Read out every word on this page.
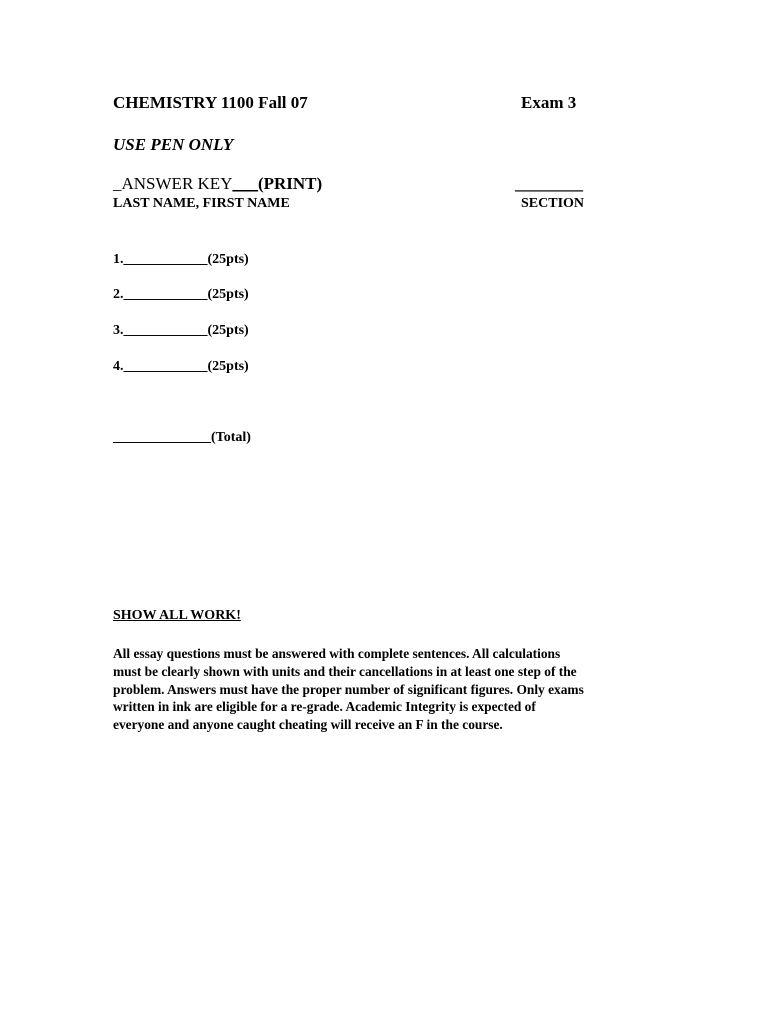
CHEMISTRY 1100 Fall 07	Exam 3
USE PEN ONLY
_ANSWER KEY___(PRINT)	________
LAST NAME, FIRST NAME	SECTION
1.____________(25pts)
2.____________(25pts)
3.____________(25pts)
4.____________(25pts)
______________(Total)
SHOW ALL WORK!

All essay questions must be answered with complete sentences. All calculations
must be clearly shown with units and their cancellations in at least one step of the
problem. Answers must have the proper number of significant figures. Only exams
written in ink are eligible for a re-grade. Academic Integrity is expected of
everyone and anyone caught cheating will receive an F in the course.
